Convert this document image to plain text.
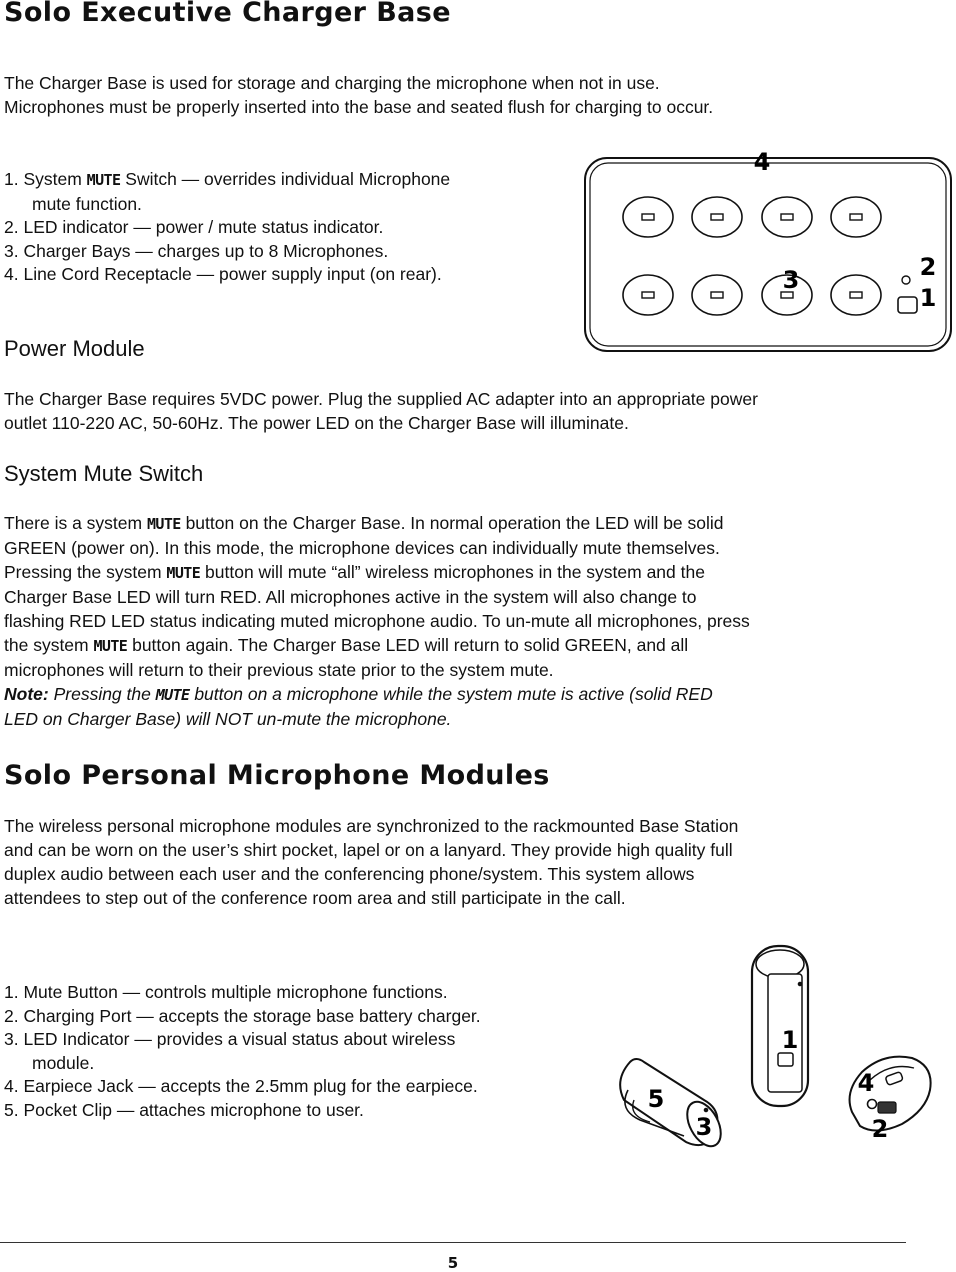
Solo Executive Charger Base
The Charger Base is used for storage and charging the microphone when not in use.
Microphones must be properly inserted into the base and seated flush for charging to occur.
1. System MUTE Switch — overrides individual Microphone
mute function.
2. LED indicator — power / mute status indicator.
3. Charger Bays — charges up to 8 Microphones.
4. Line Cord Receptacle — power supply input (on rear).
4
3	2
1
Power Module
The Charger Base requires 5VDC power. Plug the supplied AC adapter into an appropriate power
outlet 110-220 AC, 50-60Hz. The power LED on the Charger Base will illuminate.
System Mute Switch
There is a system MUTE button on the Charger Base. In normal operation the LED will be solid
GREEN (power on). In this mode, the microphone devices can individually mute themselves.
Pressing the system MUTE button will mute “all” wireless microphones in the system and the
Charger Base LED will turn RED. All microphones active in the system will also change to
flashing RED LED status indicating muted microphone audio. To un-mute all microphones, press
the system MUTE button again. The Charger Base LED will return to solid GREEN, and all
microphones will return to their previous state prior to the system mute.
Note: Pressing the MUTE button on a microphone while the system mute is active (solid RED
LED on Charger Base) will NOT un-mute the microphone.
Solo Personal Microphone Modules
The wireless personal microphone modules are synchronized to the rackmounted Base Station
and can be worn on the user’s shirt pocket, lapel or on a lanyard. They provide high quality full
duplex audio between each user and the conferencing phone/system. This system allows
attendees to step out of the conference room area and still participate in the call.
1. Mute Button — controls multiple microphone functions.
2. Charging Port — accepts the storage base battery charger.
3. LED Indicator — provides a visual status about wireless
module.
4. Earpiece Jack — accepts the 2.5mm plug for the earpiece.
5. Pocket Clip — attaches microphone to user.
1
5
3
4
2
5
